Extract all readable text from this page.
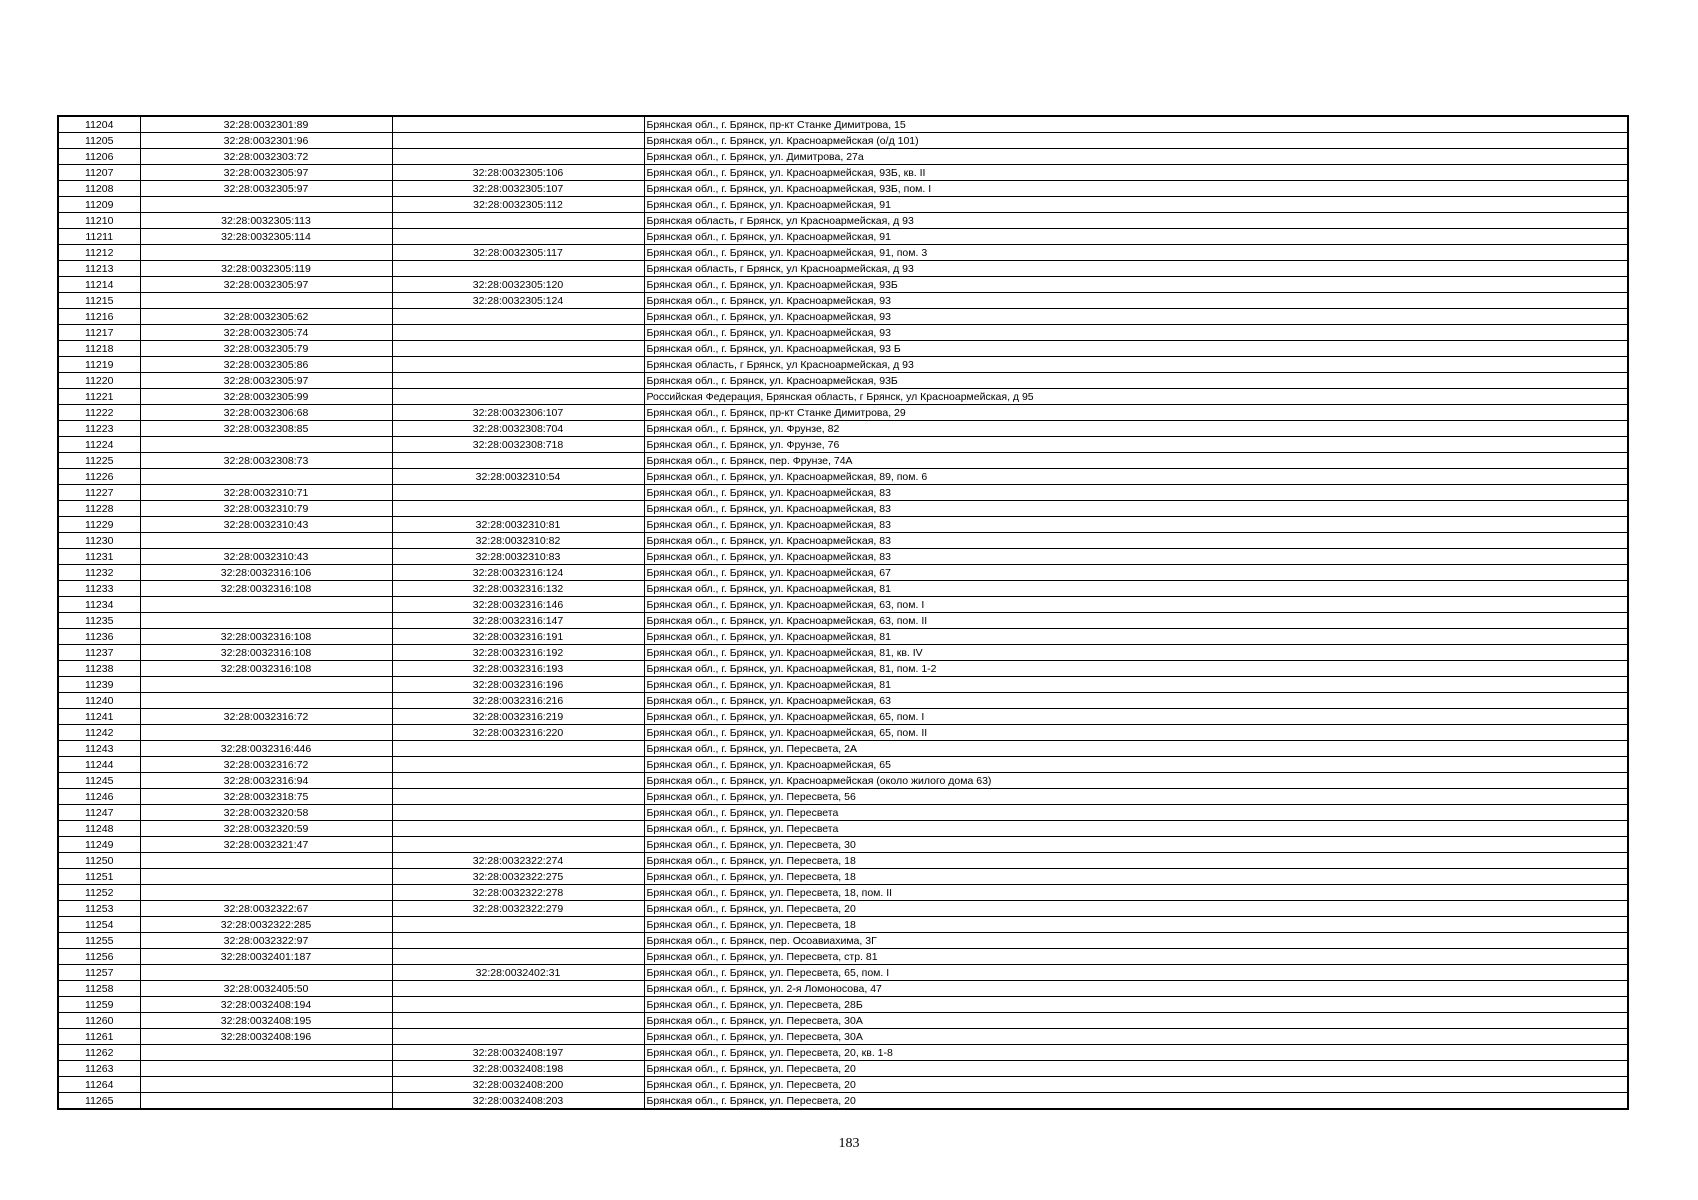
11204	32:28:0032301:89		Брянская обл., г. Брянск, пр-кт Станке Димитрова, 15
11205	32:28:0032301:96		Брянская обл., г. Брянск, ул. Красноармейская (о/д 101)
11206	32:28:0032303:72		Брянская обл., г. Брянск, ул. Димитрова, 27а
11207	32:28:0032305:97	32:28:0032305:106	Брянская обл., г. Брянск, ул. Красноармейская, 93Б, кв. II
11208	32:28:0032305:97	32:28:0032305:107	Брянская обл., г. Брянск, ул. Красноармейская, 93Б, пом. I
11209		32:28:0032305:112	Брянская обл., г. Брянск, ул. Красноармейская, 91
11210	32:28:0032305:113		Брянская область, г Брянск, ул Красноармейская, д 93
11211	32:28:0032305:114		Брянская обл., г. Брянск, ул. Красноармейская, 91
11212		32:28:0032305:117	Брянская обл., г. Брянск, ул. Красноармейская, 91, пом. 3
11213	32:28:0032305:119		Брянская область, г Брянск, ул Красноармейская, д 93
11214	32:28:0032305:97	32:28:0032305:120	Брянская обл., г. Брянск, ул. Красноармейская, 93Б
11215		32:28:0032305:124	Брянская обл., г. Брянск, ул. Красноармейская, 93
11216	32:28:0032305:62		Брянская обл., г. Брянск, ул. Красноармейская, 93
11217	32:28:0032305:74		Брянская обл., г. Брянск, ул. Красноармейская, 93
11218	32:28:0032305:79		Брянская обл., г. Брянск, ул. Красноармейская, 93 Б
11219	32:28:0032305:86		Брянская область, г Брянск, ул Красноармейская, д 93
11220	32:28:0032305:97		Брянская обл., г. Брянск, ул. Красноармейская, 93Б
11221	32:28:0032305:99		Российская Федерация, Брянская область, г Брянск, ул Красноармейская, д 95
11222	32:28:0032306:68	32:28:0032306:107	Брянская обл., г. Брянск, пр-кт Станке Димитрова, 29
11223	32:28:0032308:85	32:28:0032308:704	Брянская обл., г. Брянск, ул. Фрунзе, 82
11224		32:28:0032308:718	Брянская обл., г. Брянск, ул. Фрунзе, 76
11225	32:28:0032308:73		Брянская обл., г. Брянск, пер. Фрунзе, 74А
11226		32:28:0032310:54	Брянская обл., г. Брянск, ул. Красноармейская, 89, пом. 6
11227	32:28:0032310:71		Брянская обл., г. Брянск, ул. Красноармейская, 83
11228	32:28:0032310:79		Брянская обл., г. Брянск, ул. Красноармейская, 83
11229	32:28:0032310:43	32:28:0032310:81	Брянская обл., г. Брянск, ул. Красноармейская, 83
11230		32:28:0032310:82	Брянская обл., г. Брянск, ул. Красноармейская, 83
11231	32:28:0032310:43	32:28:0032310:83	Брянская обл., г. Брянск, ул. Красноармейская, 83
11232	32:28:0032316:106	32:28:0032316:124	Брянская обл., г. Брянск, ул. Красноармейская, 67
11233	32:28:0032316:108	32:28:0032316:132	Брянская обл., г. Брянск, ул. Красноармейская, 81
11234		32:28:0032316:146	Брянская обл., г. Брянск, ул. Красноармейская, 63, пом. I
11235		32:28:0032316:147	Брянская обл., г. Брянск, ул. Красноармейская, 63, пом. II
11236	32:28:0032316:108	32:28:0032316:191	Брянская обл., г. Брянск, ул. Красноармейская, 81
11237	32:28:0032316:108	32:28:0032316:192	Брянская обл., г. Брянск, ул. Красноармейская, 81, кв. IV
11238	32:28:0032316:108	32:28:0032316:193	Брянская обл., г. Брянск, ул. Красноармейская, 81, пом. 1-2
11239		32:28:0032316:196	Брянская обл., г. Брянск, ул. Красноармейская, 81
11240		32:28:0032316:216	Брянская обл., г. Брянск, ул. Красноармейская, 63
11241	32:28:0032316:72	32:28:0032316:219	Брянская обл., г. Брянск, ул. Красноармейская, 65, пом. I
11242		32:28:0032316:220	Брянская обл., г. Брянск, ул. Красноармейская, 65, пом. II
11243	32:28:0032316:446		Брянская обл., г. Брянск, ул. Пересвета, 2А
11244	32:28:0032316:72		Брянская обл., г. Брянск, ул. Красноармейская, 65
11245	32:28:0032316:94		Брянская обл., г. Брянск, ул. Красноармейская (около жилого дома 63)
11246	32:28:0032318:75		Брянская обл., г. Брянск, ул. Пересвета, 56
11247	32:28:0032320:58		Брянская обл., г. Брянск, ул. Пересвета
11248	32:28:0032320:59		Брянская обл., г. Брянск, ул. Пересвета
11249	32:28:0032321:47		Брянская обл., г. Брянск, ул. Пересвета, 30
11250		32:28:0032322:274	Брянская обл., г. Брянск, ул. Пересвета, 18
11251		32:28:0032322:275	Брянская обл., г. Брянск, ул. Пересвета, 18
11252		32:28:0032322:278	Брянская обл., г. Брянск, ул. Пересвета, 18, пом. II
11253	32:28:0032322:67	32:28:0032322:279	Брянская обл., г. Брянск, ул. Пересвета, 20
11254	32:28:0032322:285		Брянская обл., г. Брянск, ул. Пересвета, 18
11255	32:28:0032322:97		Брянская обл., г. Брянск, пер. Осоавиахима, 3Г
11256	32:28:0032401:187		Брянская обл., г. Брянск, ул. Пересвета, стр. 81
11257		32:28:0032402:31	Брянская обл., г. Брянск, ул. Пересвета, 65, пом. I
11258	32:28:0032405:50		Брянская обл., г. Брянск, ул. 2-я Ломоносова, 47
11259	32:28:0032408:194		Брянская обл., г. Брянск, ул. Пересвета, 28Б
11260	32:28:0032408:195		Брянская обл., г. Брянск, ул. Пересвета, 30А
11261	32:28:0032408:196		Брянская обл., г. Брянск, ул. Пересвета, 30А
11262		32:28:0032408:197	Брянская обл., г. Брянск, ул. Пересвета, 20, кв. 1-8
11263		32:28:0032408:198	Брянская обл., г. Брянск, ул. Пересвета, 20
11264		32:28:0032408:200	Брянская обл., г. Брянск, ул. Пересвета, 20
11265		32:28:0032408:203	Брянская обл., г. Брянск, ул. Пересвета, 20
183
